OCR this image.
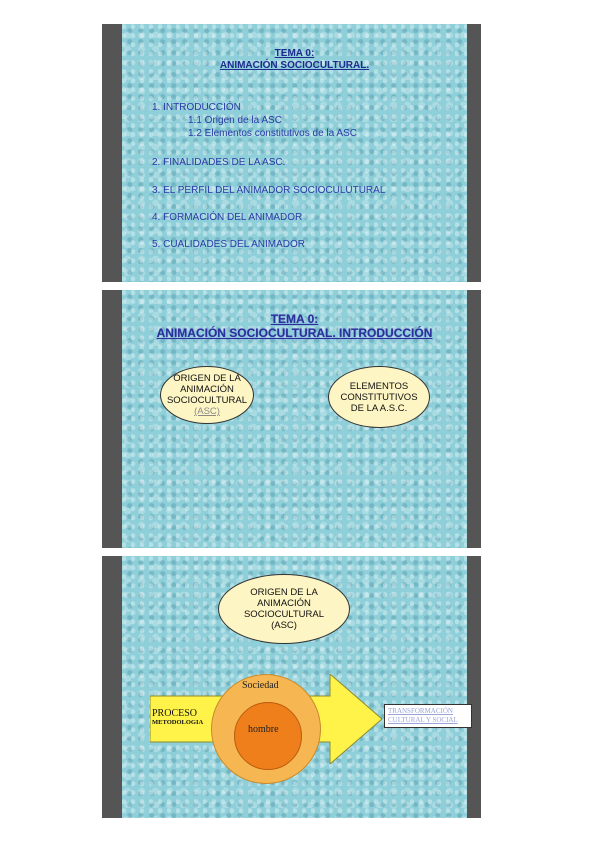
TEMA 0:
ANIMACIÓN SOCIOCULTURAL.
1. INTRODUCCIÓN
1.1 Origen de la ASC
1.2 Elementos constitutivos de la ASC
2. FINALIDADES DE LA ASC.
3. EL PERFIL DEL ANIMADOR SOCIOCULUTURAL
4. FORMACIÓN DEL ANIMADOR
5. CUALIDADES DEL ANIMADOR
TEMA 0:
ANIMACIÓN SOCIOCULTURAL. INTRODUCCIÓN
ORIGEN DE LA
ANIMACIÓN
SOCIOCULTURAL
(ASC)
ELEMENTOS
CONSTITUTIVOS
DE LA A.S.C.
ORIGEN DE LA
ANIMACIÓN
SOCIOCULTURAL
(ASC)
Sociedad
hombre
PROCESO
METODOLOGIA
TRANSFORMACIÓN
CULTURAL Y SOCIAL
